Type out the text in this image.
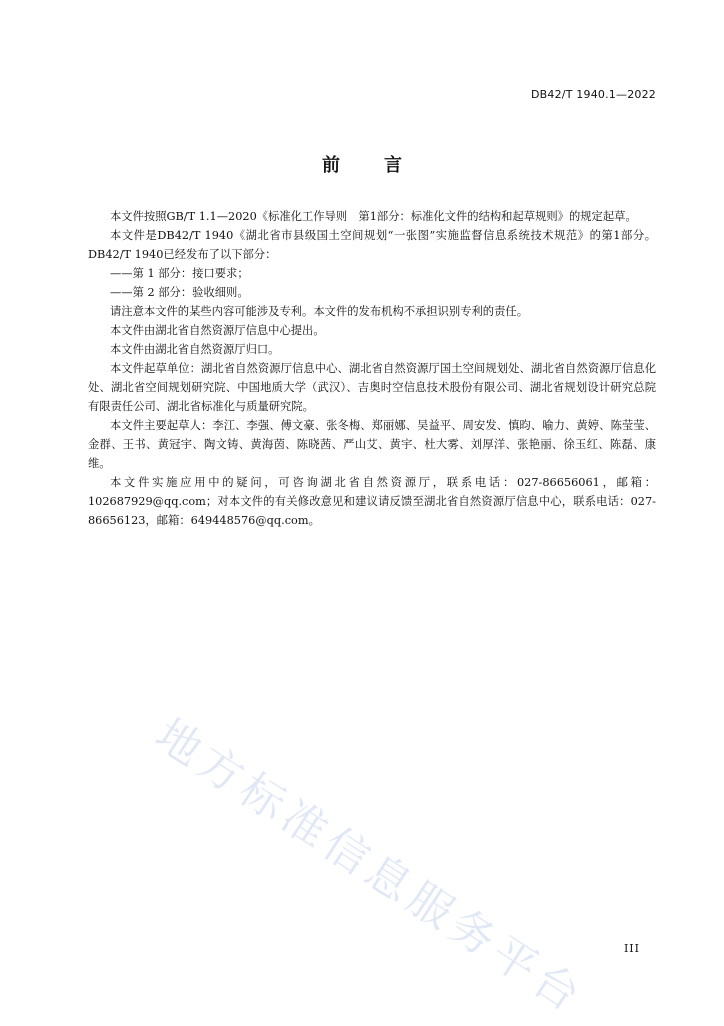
DB42/T 1940.1—2022
前言

本文件按照GB/T 1.1—2020《标准化工作导则　第1部分：标准化文件的结构和起草规则》的规定起草。

本文件是DB42/T 1940《湖北省市县级国土空间规划“一张图”实施监督信息系统技术规范》的第1部分。DB42/T 1940已经发布了以下部分：

——第 1 部分：接口要求；

——第 2 部分：验收细则。

请注意本文件的某些内容可能涉及专利。本文件的发布机构不承担识别专利的责任。

本文件由湖北省自然资源厅信息中心提出。

本文件由湖北省自然资源厅归口。

本文件起草单位：湖北省自然资源厅信息中心、湖北省自然资源厅国土空间规划处、湖北省自然资源厅信息化处、湖北省空间规划研究院、中国地质大学（武汉）、吉奥时空信息技术股份有限公司、湖北省规划设计研究总院有限责任公司、湖北省标准化与质量研究院。

本文件主要起草人：李江、李强、傅文豪、张冬梅、郑丽娜、吴益平、周安发、慎昀、喻力、黄婷、陈莹莹、金群、王书、黄冠宇、陶文铸、黄海茵、陈晓茜、严山艾、黄宇、杜大雾、刘厚洋、张艳丽、徐玉红、陈磊、康维。

本文件实施应用中的疑问，可咨询湖北省自然资源厅，联系电话：027-86656061，邮箱：102687929@qq.com；对本文件的有关修改意见和建议请反馈至湖北省自然资源厅信息中心，联系电话：027-86656123，邮箱：649448576@qq.com。

地方标准信息服务平台	III
